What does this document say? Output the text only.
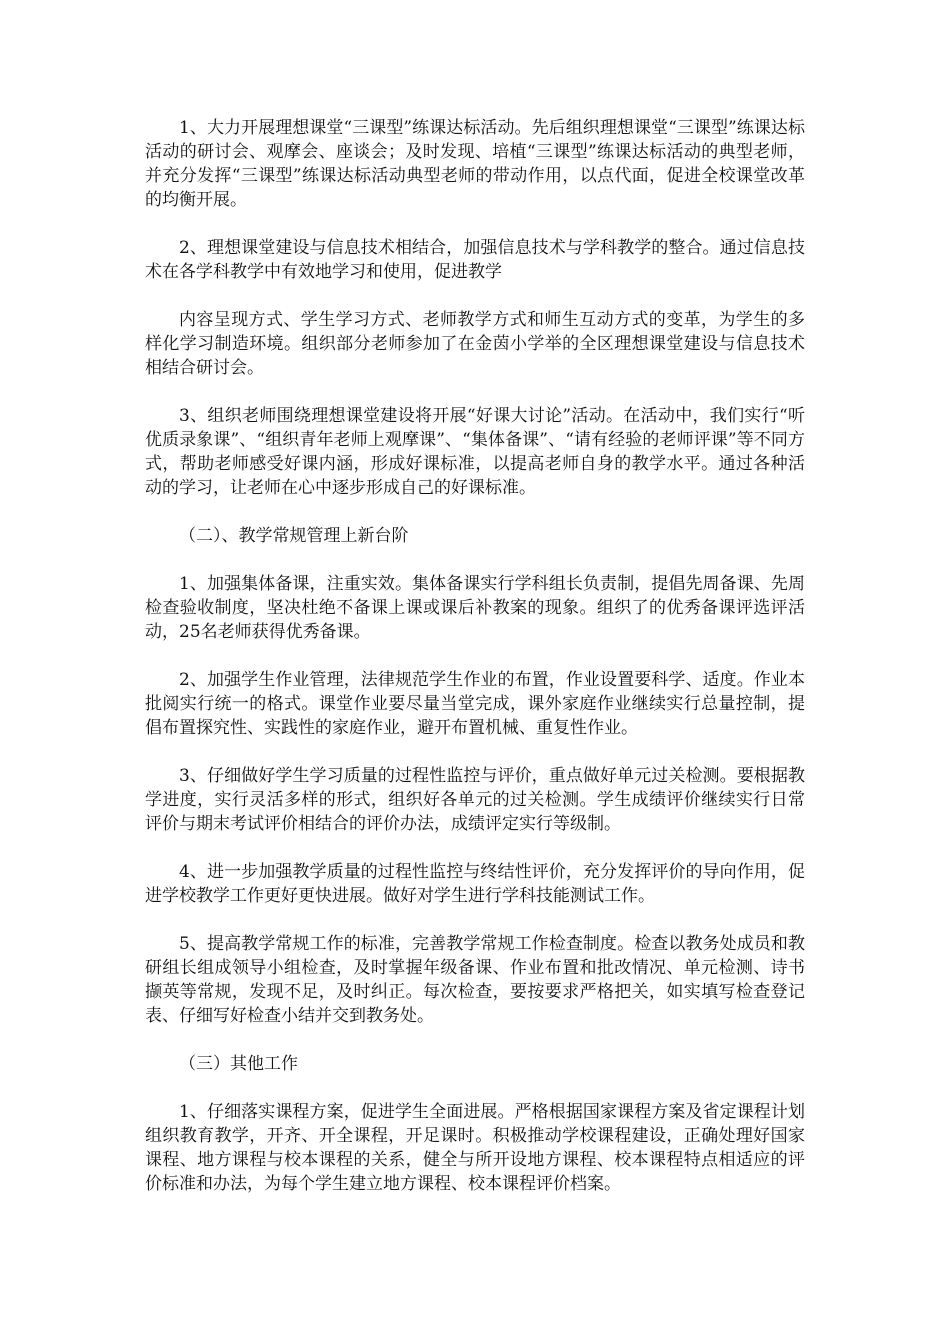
1、大力开展理想课堂“三课型”练课达标活动。先后组织理想课堂“三课型”练课达标活动的研讨会、观摩会、座谈会；及时发现、培植“三课型”练课达标活动的典型老师，并充分发挥“三课型”练课达标活动典型老师的带动作用，以点代面，促进全校课堂改革的均衡开展。

2、理想课堂建设与信息技术相结合，加强信息技术与学科教学的整合。通过信息技术在各学科教学中有效地学习和使用，促进教学

内容呈现方式、学生学习方式、老师教学方式和师生互动方式的变革，为学生的多样化学习制造环境。组织部分老师参加了在金茵小学举的全区理想课堂建设与信息技术相结合研讨会。

3、组织老师围绕理想课堂建设将开展“好课大讨论”活动。在活动中，我们实行“听优质录象课”、“组织青年老师上观摩课”、“集体备课”、“请有经验的老师评课”等不同方式，帮助老师感受好课内涵，形成好课标准，以提高老师自身的教学水平。通过各种活动的学习，让老师在心中逐步形成自己的好课标准。

（二）、教学常规管理上新台阶

1、加强集体备课，注重实效。集体备课实行学科组长负责制，提倡先周备课、先周检查验收制度，坚决杜绝不备课上课或课后补教案的现象。组织了的优秀备课评选评活动，25名老师获得优秀备课。

2、加强学生作业管理，法律规范学生作业的布置，作业设置要科学、适度。作业本批阅实行统一的格式。课堂作业要尽量当堂完成，课外家庭作业继续实行总量控制，提倡布置探究性、实践性的家庭作业，避开布置机械、重复性作业。

3、仔细做好学生学习质量的过程性监控与评价，重点做好单元过关检测。要根据教学进度，实行灵活多样的形式，组织好各单元的过关检测。学生成绩评价继续实行日常评价与期末考试评价相结合的评价办法，成绩评定实行等级制。

4、进一步加强教学质量的过程性监控与终结性评价，充分发挥评价的导向作用，促进学校教学工作更好更快进展。做好对学生进行学科技能测试工作。

5、提高教学常规工作的标准，完善教学常规工作检查制度。检查以教务处成员和教研组长组成领导小组检查，及时掌握年级备课、作业布置和批改情况、单元检测、诗书撷英等常规，发现不足，及时纠正。每次检查，要按要求严格把关，如实填写检查登记表、仔细写好检查小结并交到教务处。

（三）其他工作

1、仔细落实课程方案，促进学生全面进展。严格根据国家课程方案及省定课程计划组织教育教学，开齐、开全课程，开足课时。积极推动学校课程建设，正确处理好国家课程、地方课程与校本课程的关系，健全与所开设地方课程、校本课程特点相适应的评价标准和办法，为每个学生建立地方课程、校本课程评价档案。
